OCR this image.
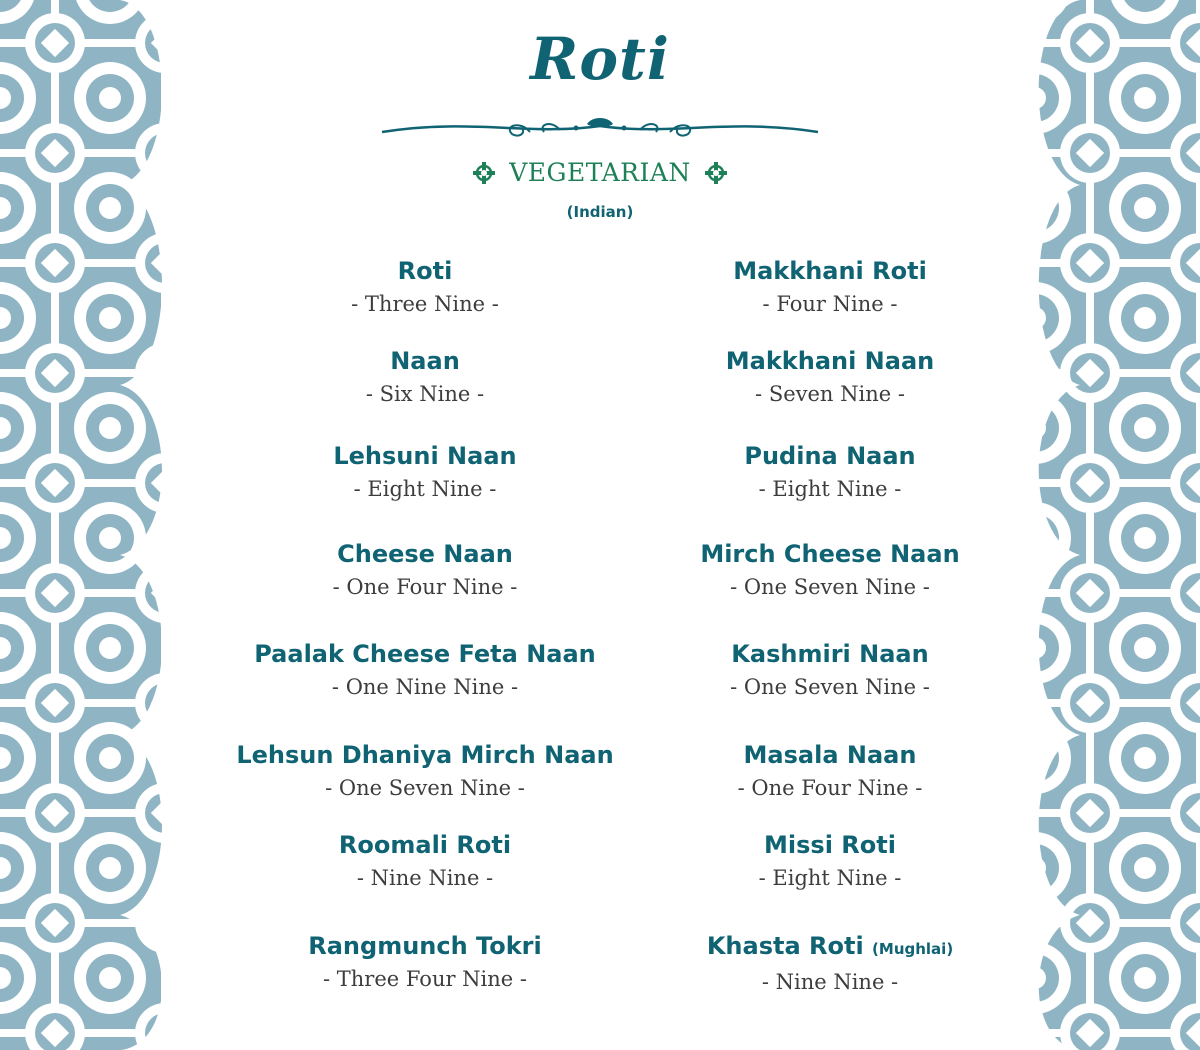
Roti
VEGETARIAN
(Indian)
Roti
- Three Nine -
Naan
- Six Nine -
Lehsuni Naan
- Eight Nine -
Cheese Naan
- One Four Nine -
Paalak Cheese Feta Naan
- One Nine Nine -
Lehsun Dhaniya Mirch Naan
- One Seven Nine -
Roomali Roti
- Nine Nine -
Rangmunch Tokri
- Three Four Nine -
Makkhani Roti
- Four Nine -
Makkhani Naan
- Seven Nine -
Pudina Naan
- Eight Nine -
Mirch Cheese Naan
- One Seven Nine -
Kashmiri Naan
- One Seven Nine -
Masala Naan
- One Four Nine -
Missi Roti
- Eight Nine -
Khasta Roti (Mughlai)
- Nine Nine -
